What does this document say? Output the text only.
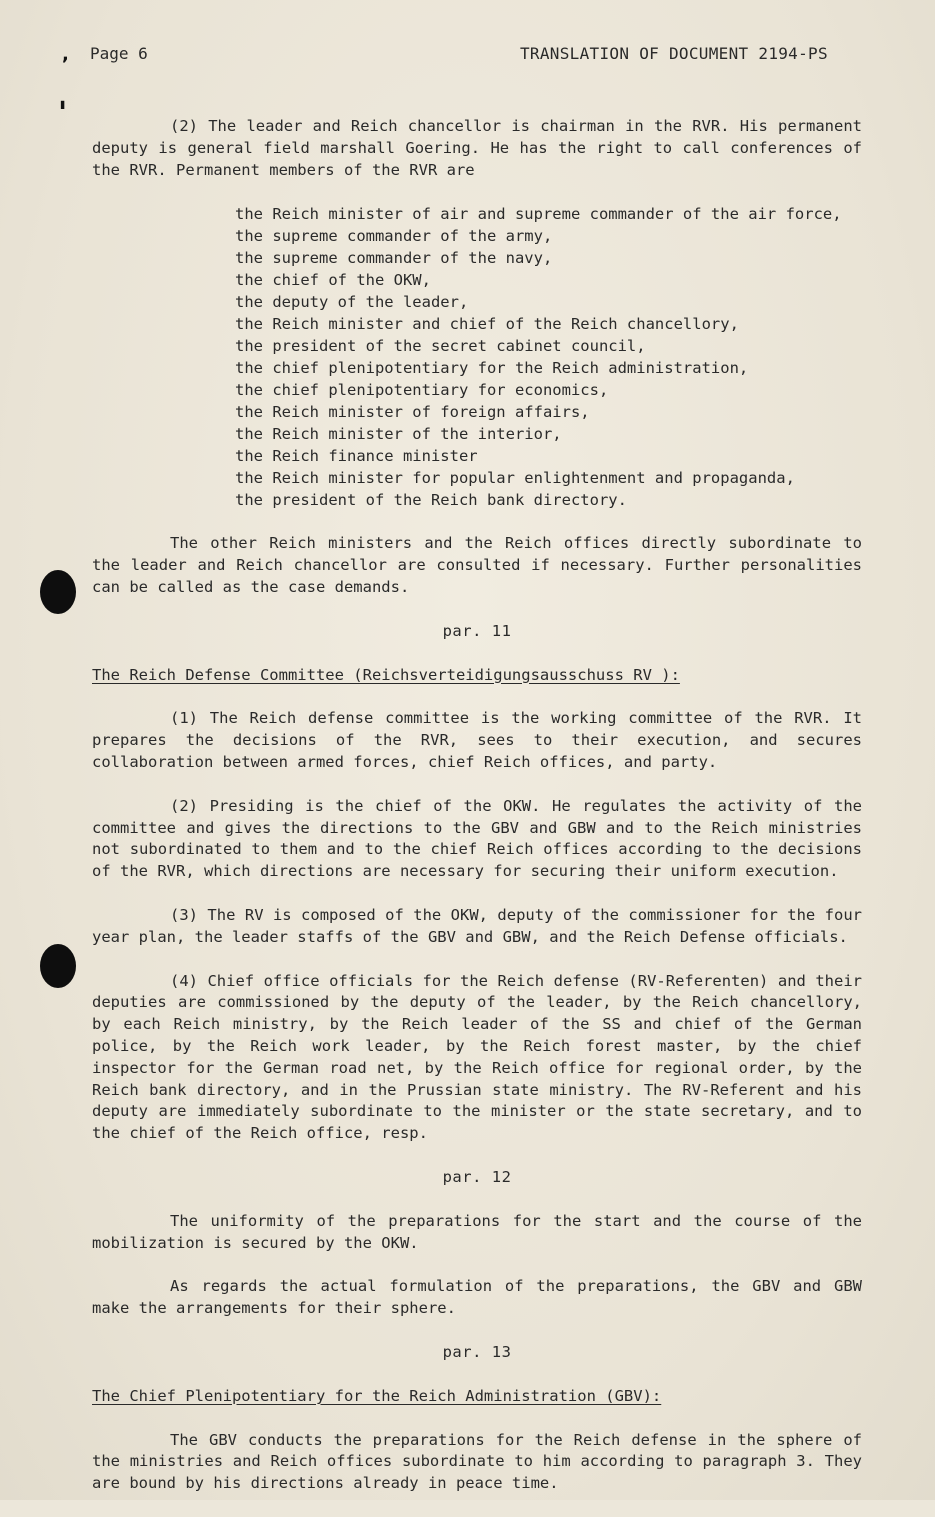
,
'
Page 6	TRANSLATION OF DOCUMENT 2194-PS

(2) The leader and Reich chancellor is chairman in the RVR. His permanent deputy is general field marshall Goering. He has the right to call conferences of the RVR. Permanent members of the RVR are

the Reich minister of air and supreme commander of the air force,
the supreme commander of the army,
the supreme commander of the navy,
the chief of the OKW,
the deputy of the leader,
the Reich minister and chief of the Reich chancellory,
the president of the secret cabinet council,
the chief plenipotentiary for the Reich administration,
the chief plenipotentiary for economics,
the Reich minister of foreign affairs,
the Reich minister of the interior,
the Reich finance minister
the Reich minister for popular enlightenment and propaganda,
the president of the Reich bank directory.

The other Reich ministers and the Reich offices directly subordinate to the leader and Reich chancellor are consulted if necessary. Further personalities can be called as the case demands.

par. 11
The Reich Defense Committee (Reichsverteidigungsausschuss RV ):

(1) The Reich defense committee is the working committee of the RVR. It prepares the decisions of the RVR, sees to their execution, and secures collaboration between armed forces, chief Reich offices, and party.

(2) Presiding is the chief of the OKW. He regulates the activity of the committee and gives the directions to the GBV and GBW and to the Reich ministries not subordinated to them and to the chief Reich offices according to the decisions of the RVR, which directions are necessary for securing their uniform execution.

(3) The RV is composed of the OKW, deputy of the commissioner for the four year plan, the leader staffs of the GBV and GBW, and the Reich Defense officials.

(4) Chief office officials for the Reich defense (RV-Referenten) and their deputies are commissioned by the deputy of the leader, by the Reich chancellory, by each Reich ministry, by the Reich leader of the SS and chief of the German police, by the Reich work leader, by the Reich forest master, by the chief inspector for the German road net, by the Reich office for regional order, by the Reich bank directory, and in the Prussian state ministry. The RV-Referent and his deputy are immediately subordinate to the minister or the state secretary, and to the chief of the Reich office, resp.

par. 12

The uniformity of the preparations for the start and the course of the mobilization is secured by the OKW.

As regards the actual formulation of the preparations, the GBV and GBW make the arrangements for their sphere.

par. 13
The Chief Plenipotentiary for the Reich Administration (GBV):

The GBV conducts the preparations for the Reich defense in the sphere of the ministries and Reich offices subordinate to him according to paragraph 3. They are bound by his directions already in peace time.
